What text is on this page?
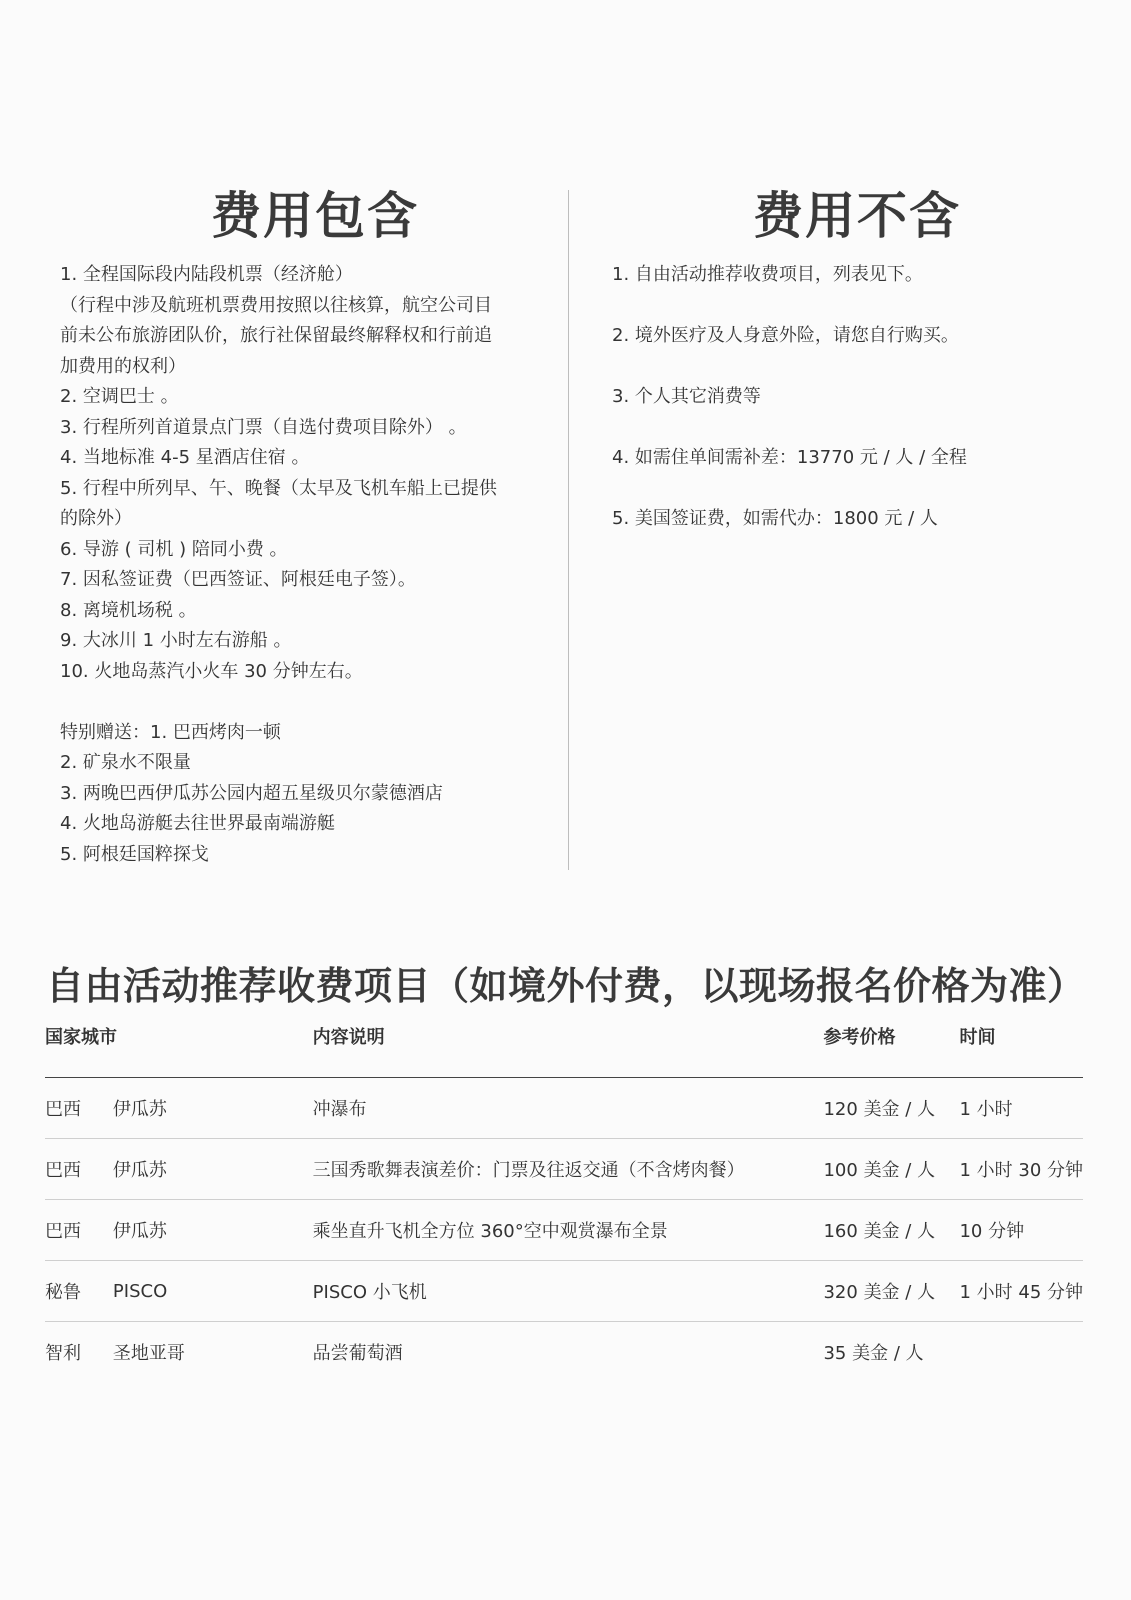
费用包含
1. 全程国际段内陆段机票（经济舱）
（行程中涉及航班机票费用按照以往核算，航空公司目
前未公布旅游团队价，旅行社保留最终解释权和行前追
加费用的权利）
2. 空调巴士 。
3. 行程所列首道景点门票（自选付费项目除外） 。
4. 当地标准 4-5 星酒店住宿 。
5. 行程中所列早、午、晚餐（太早及飞机车船上已提供
的除外）
6. 导游 ( 司机 ) 陪同小费 。
7. 因私签证费（巴西签证、阿根廷电子签）。
8. 离境机场税 。
9. 大冰川 1 小时左右游船 。
10. 火地岛蒸汽小火车 30 分钟左右。
特别赠送：1. 巴西烤肉一顿
2. 矿泉水不限量
3. 两晚巴西伊瓜苏公园内超五星级贝尔蒙德酒店
4. 火地岛游艇去往世界最南端游艇
5. 阿根廷国粹探戈
费用不含
1. 自由活动推荐收费项目，列表见下。
2. 境外医疗及人身意外险，请您自行购买。
3. 个人其它消费等
4. 如需住单间需补差：13770 元 / 人 / 全程
5. 美国签证费，如需代办：1800 元 / 人
自由活动推荐收费项目（如境外付费，以现场报名价格为准）
国家城市		内容说明	参考价格	时间
巴西	伊瓜苏	冲瀑布	120 美金 / 人	1 小时
巴西	伊瓜苏	三国秀歌舞表演差价：门票及往返交通（不含烤肉餐）	100 美金 / 人	1 小时 30 分钟
巴西	伊瓜苏	乘坐直升飞机全方位 360°空中观赏瀑布全景	160 美金 / 人	10 分钟
秘鲁	PISCO	PISCO 小飞机	320 美金 / 人	1 小时 45 分钟
智利	圣地亚哥	品尝葡萄酒	35 美金 / 人	
